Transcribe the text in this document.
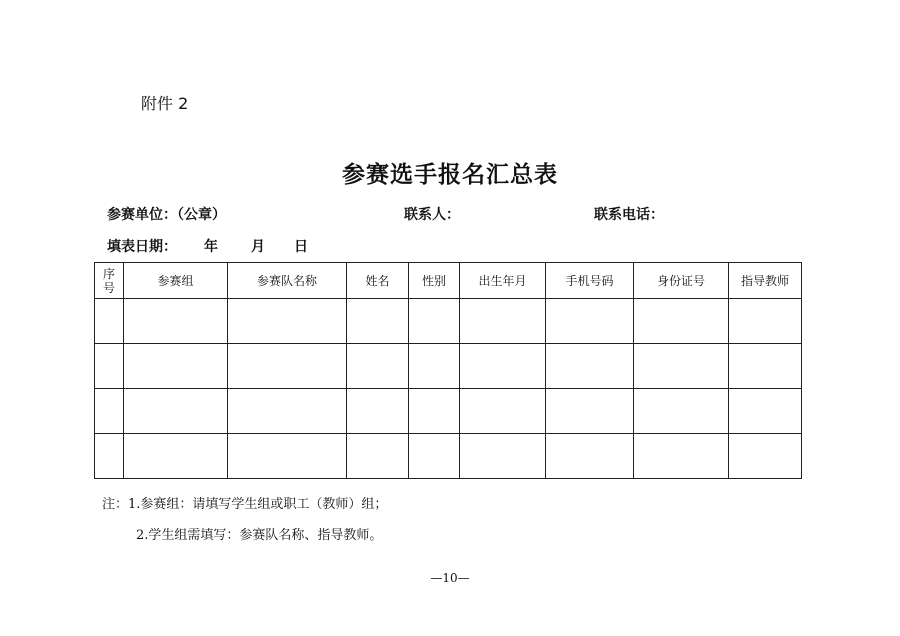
附件 2
参赛选手报名汇总表
参赛单位：（公章）	联系人：	联系电话：
填表日期： 年 月 日
序号	参赛组	参赛队名称	姓名	性别	出生年月	手机号码	身份证号	指导教师

注：1.参赛组：请填写学生组或职工（教师）组；
2.学生组需填写：参赛队名称、指导教师。
—10—
